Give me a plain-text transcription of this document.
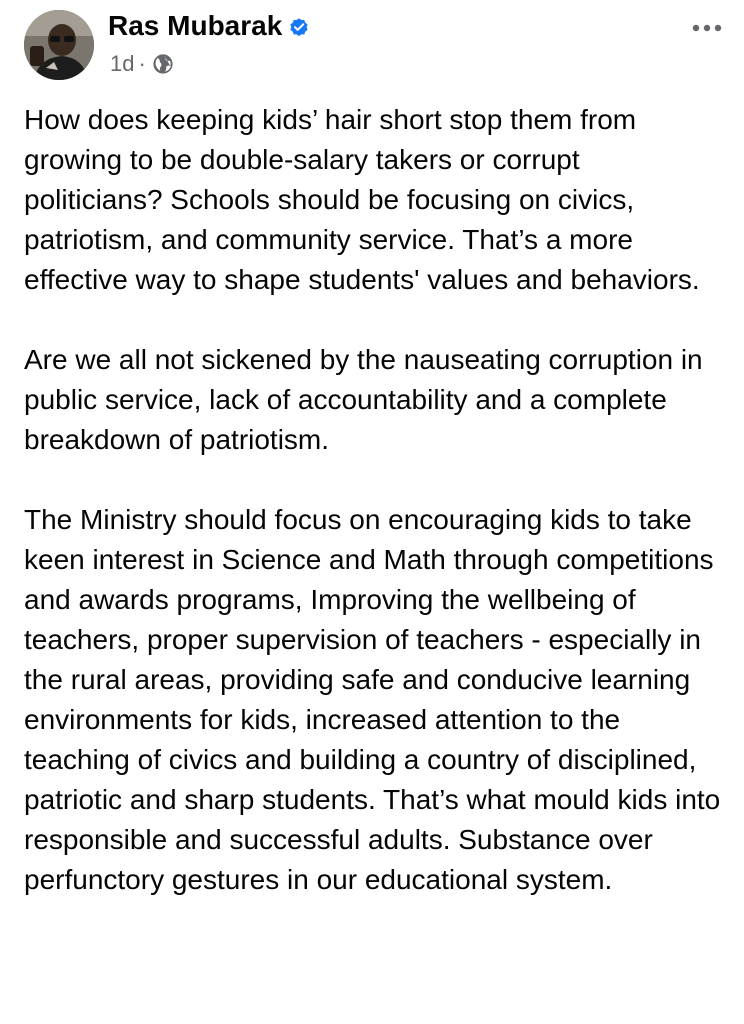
Ras Mubarak
1d ·

How does keeping kids’ hair short stop them from growing to be double-salary takers or corrupt politicians? Schools should be focusing on civics, patriotism, and community service. That’s a more effective way to shape students' values and behaviors.

Are we all not sickened by the nauseating corruption in public service, lack of accountability and a complete breakdown of patriotism.

The Ministry should focus on encouraging kids to take keen interest in Science and Math through competitions and awards programs, Improving the wellbeing of teachers, proper supervision of teachers - especially in the rural areas, providing safe and conducive learning environments for kids, increased attention to the teaching of civics and building a country of disciplined, patriotic and sharp students. That’s what mould kids into responsible and successful adults. Substance over perfunctory gestures in our educational system.
